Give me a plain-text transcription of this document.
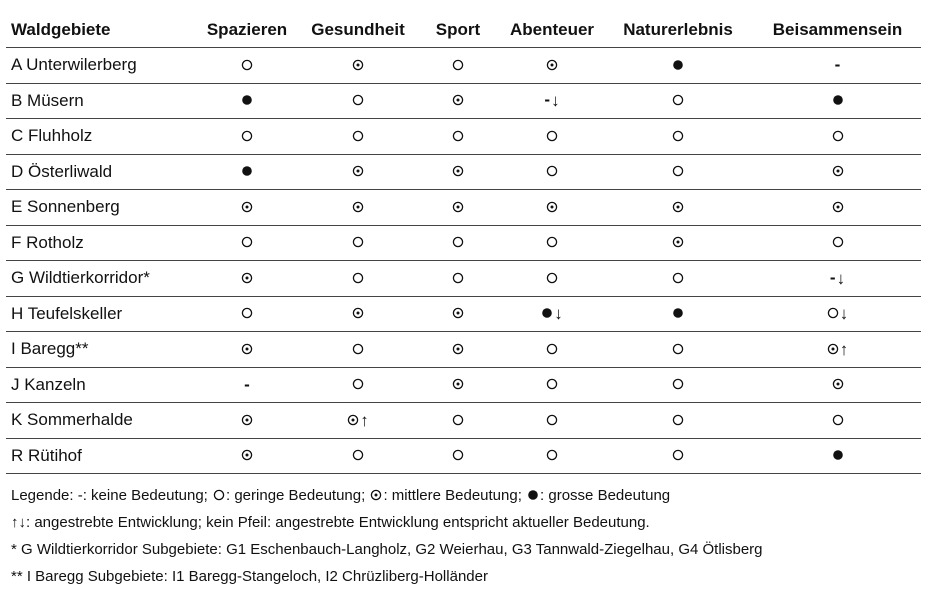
Waldgebiete	Spazieren	Gesundheit	Sport	Abenteuer	Naturerlebnis	Beisammensein
A Unterwilerberg						-
B Müsern				-↓		
C Fluhholz						
D Österliwald						
E Sonnenberg						
F Rotholz						
G Wildtierkorridor*						-↓
H Teufelskeller				↓		↓
I Baregg**						↑
J Kanzeln	-					
K Sommerhalde		↑				
R Rütihof						
Legende: -: keine Bedeutung; : geringe Bedeutung; : mittlere Bedeutung; : grosse Bedeutung
↑↓: angestrebte Entwicklung; kein Pfeil: angestrebte Entwicklung entspricht aktueller Bedeutung.
* G Wildtierkorridor Subgebiete: G1 Eschenbauch-Langholz, G2 Weierhau, G3 Tannwald-Ziegelhau, G4 Ötlisberg
** I Baregg Subgebiete: I1 Baregg-Stangeloch, I2 Chrüzliberg-Holländer
